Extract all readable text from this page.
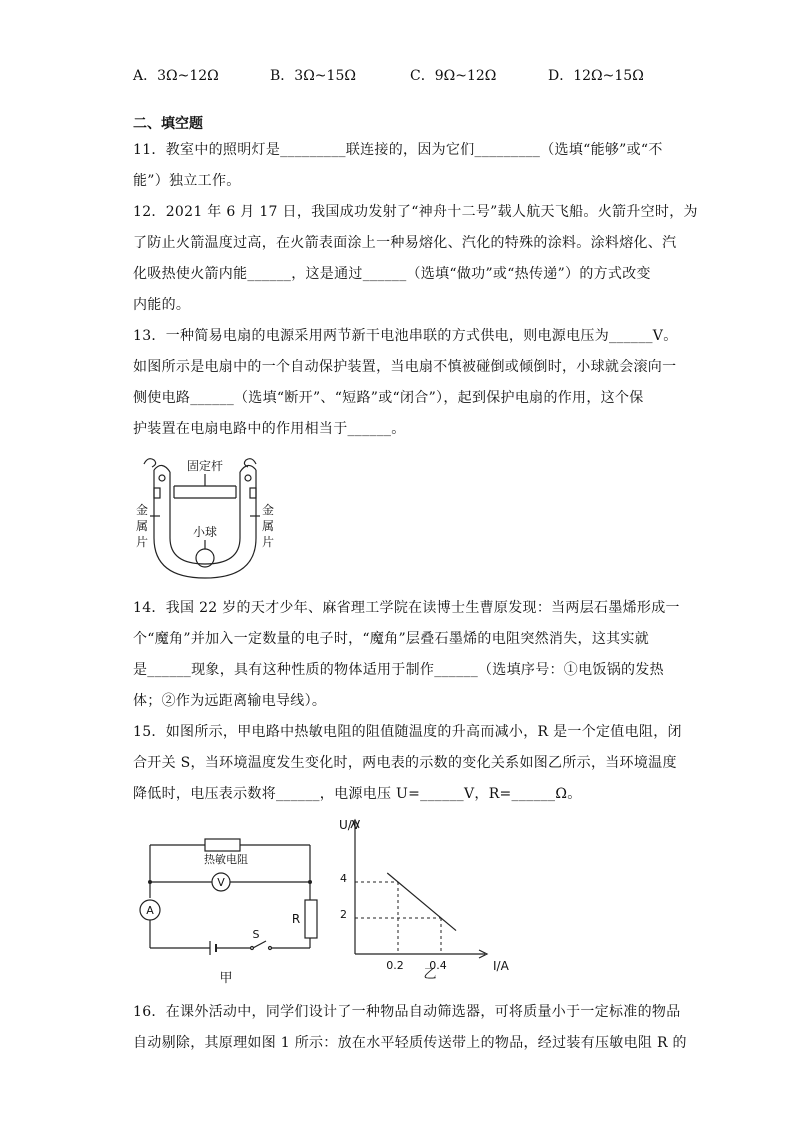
A．3Ω~12Ω	B．3Ω~15Ω	C．9Ω~12Ω	D．12Ω~15Ω
二、填空题
11．教室中的照明灯是_________联连接的，因为它们_________（选填“能够”或“不
能”）独立工作。
12．2021 年 6 月 17 日，我国成功发射了“神舟十二号”载人航天飞船。火箭升空时，为
了防止火箭温度过高，在火箭表面涂上一种易熔化、汽化的特殊的涂料。涂料熔化、汽
化吸热使火箭内能______，这是通过______（选填“做功”或“热传递”）的方式改变
内能的。
13．一种简易电扇的电源采用两节新干电池串联的方式供电，则电源电压为______V。
如图所示是电扇中的一个自动保护装置，当电扇不慎被碰倒或倾倒时，小球就会滚向一
侧使电路______（选填“断开”、“短路”或“闭合”），起到保护电扇的作用，这个保
护装置在电扇电路中的作用相当于______。
固定杆
金
属
片
金
属
片
小球
14．我国 22 岁的天才少年、麻省理工学院在读博士生曹原发现：当两层石墨烯形成一
个“魔角”并加入一定数量的电子时，“魔角”层叠石墨烯的电阻突然消失，这其实就
是______现象，具有这种性质的物体适用于制作______（选填序号：①电饭锅的发热
体；②作为远距离输电导线）。
15．如图所示，甲电路中热敏电阻的阻值随温度的升高而减小，R 是一个定值电阻，闭
合开关 S，当环境温度发生变化时，两电表的示数的变化关系如图乙所示，当环境温度
降低时，电压表示数将______，电源电压 U=______V，R=______Ω。
热敏电阻
V
A
R
S
甲
U/V
I/A
4
2
0.2 0.4
乙
16．在课外活动中，同学们设计了一种物品自动筛选器，可将质量小于一定标准的物品
自动剔除，其原理如图 1 所示：放在水平轻质传送带上的物品，经过装有压敏电阻 R 的
